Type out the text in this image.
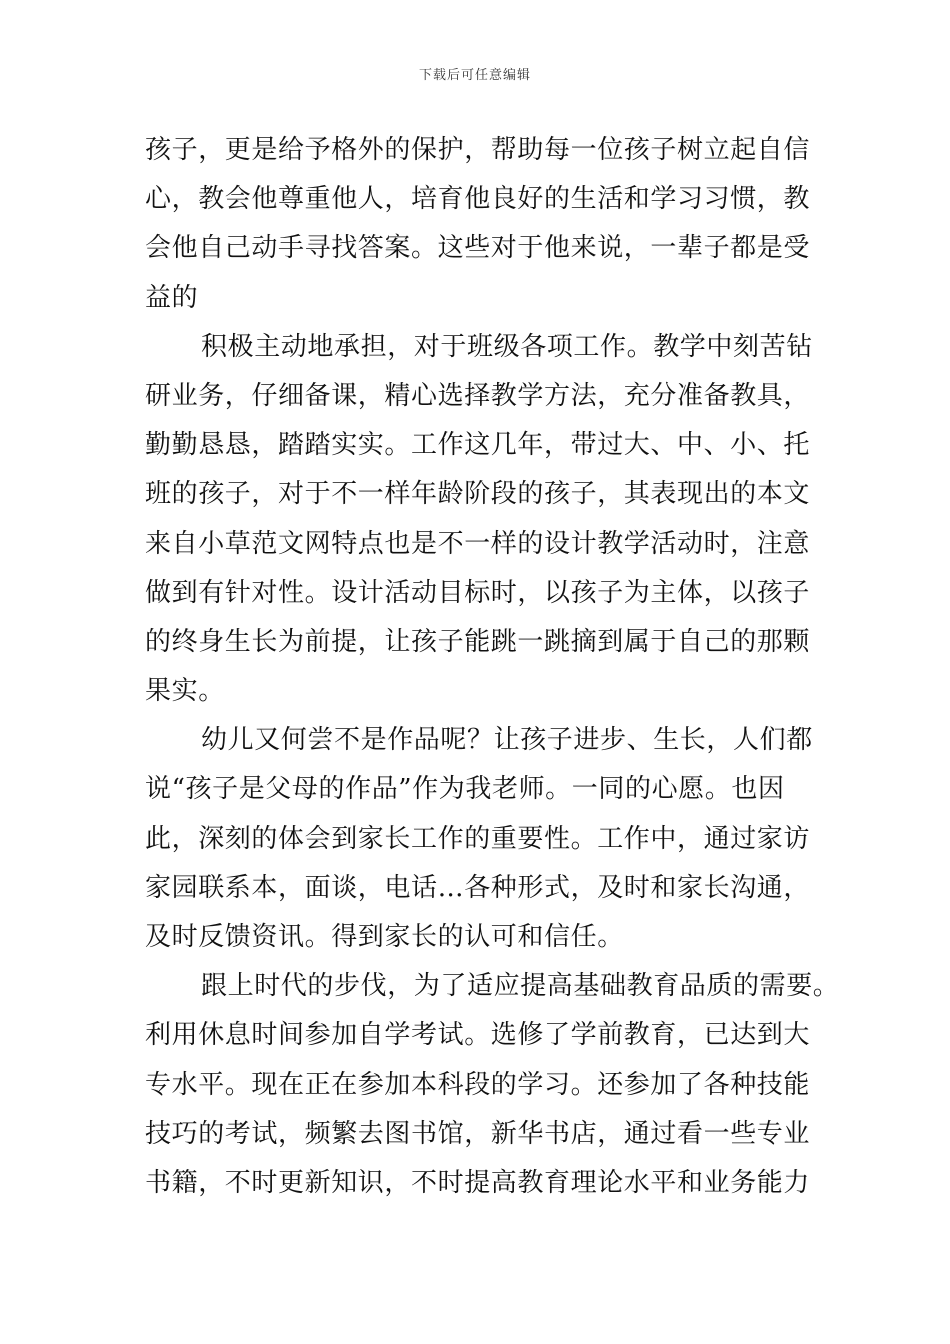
下载后可任意编辑
孩子，更是给予格外的保护，帮助每一位孩子树立起自信
心，教会他尊重他人，培育他良好的生活和学习习惯，教
会他自己动手寻找答案。这些对于他来说，一辈子都是受
益的
积极主动地承担，对于班级各项工作。教学中刻苦钻
研业务，仔细备课，精心选择教学方法，充分准备教具，
勤勤恳恳，踏踏实实。工作这几年，带过大、中、小、托
班的孩子，对于不一样年龄阶段的孩子，其表现出的本文
来自小草范文网特点也是不一样的设计教学活动时，注意
做到有针对性。设计活动目标时，以孩子为主体，以孩子
的终身生长为前提，让孩子能跳一跳摘到属于自己的那颗
果实。
幼儿又何尝不是作品呢？让孩子进步、生长，人们都
说“孩子是父母的作品”作为我老师。一同的心愿。也因
此，深刻的体会到家长工作的重要性。工作中，通过家访
家园联系本，面谈，电话…各种形式，及时和家长沟通，
及时反馈资讯。得到家长的认可和信任。
跟上时代的步伐，为了适应提高基础教育品质的需要。
利用休息时间参加自学考试。选修了学前教育，已达到大
专水平。现在正在参加本科段的学习。还参加了各种技能
技巧的考试，频繁去图书馆，新华书店，通过看一些专业
书籍，不时更新知识，不时提高教育理论水平和业务能力
